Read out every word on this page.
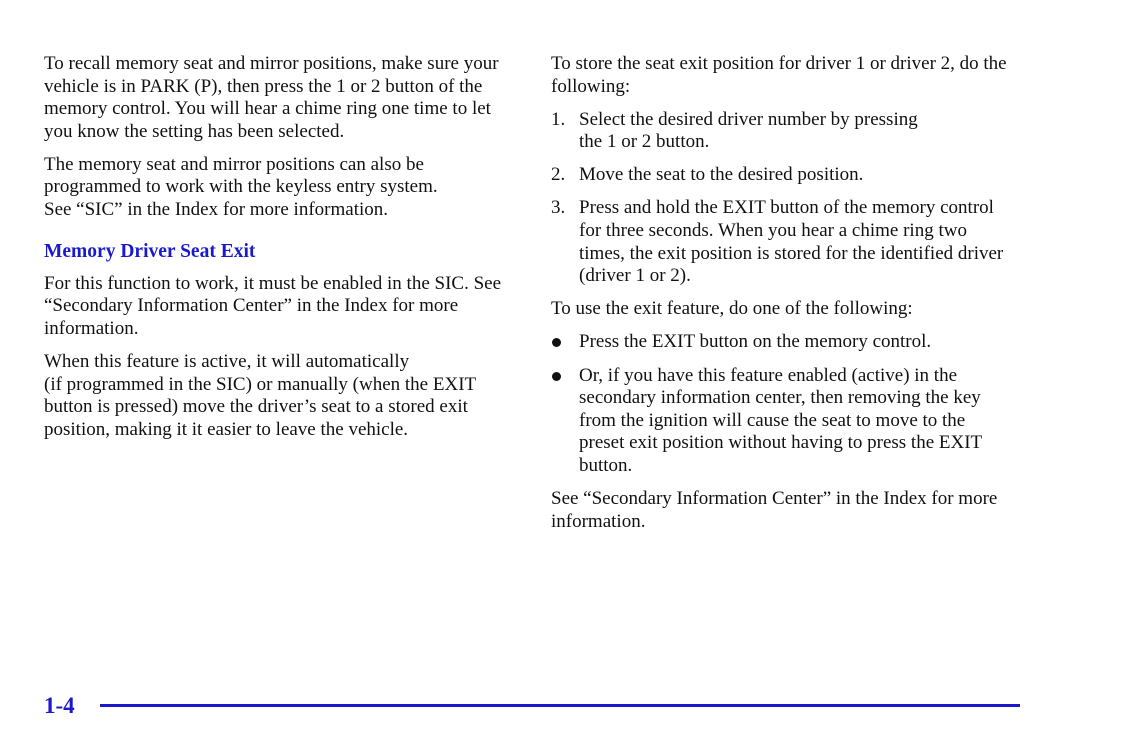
To recall memory seat and mirror positions, make sure your vehicle is in PARK (P), then press the 1 or 2 button of the memory control. You will hear a chime ring one time to let you know the setting has been selected.

The memory seat and mirror positions can also be programmed to work with the keyless entry system.
See “SIC” in the Index for more information.

Memory Driver Seat Exit

For this function to work, it must be enabled in the SIC. See “Secondary Information Center” in the Index for more information.

When this feature is active, it will automatically
(if programmed in the SIC) or manually (when the EXIT button is pressed) move the driver’s seat to a stored exit position, making it it easier to leave the vehicle.

To store the seat exit position for driver 1 or driver 2, do the following:

1. Select the desired driver number by pressing
the 1 or 2 button.
2. Move the seat to the desired position.
3. Press and hold the EXIT button of the memory control for three seconds. When you hear a chime ring two times, the exit position is stored for the identified driver (driver 1 or 2).

To use the exit feature, do one of the following:

Press the EXIT button on the memory control.
Or, if you have this feature enabled (active) in the secondary information center, then removing the key from the ignition will cause the seat to move to the preset exit position without having to press the EXIT button.

See “Secondary Information Center” in the Index for more information.

1-4
